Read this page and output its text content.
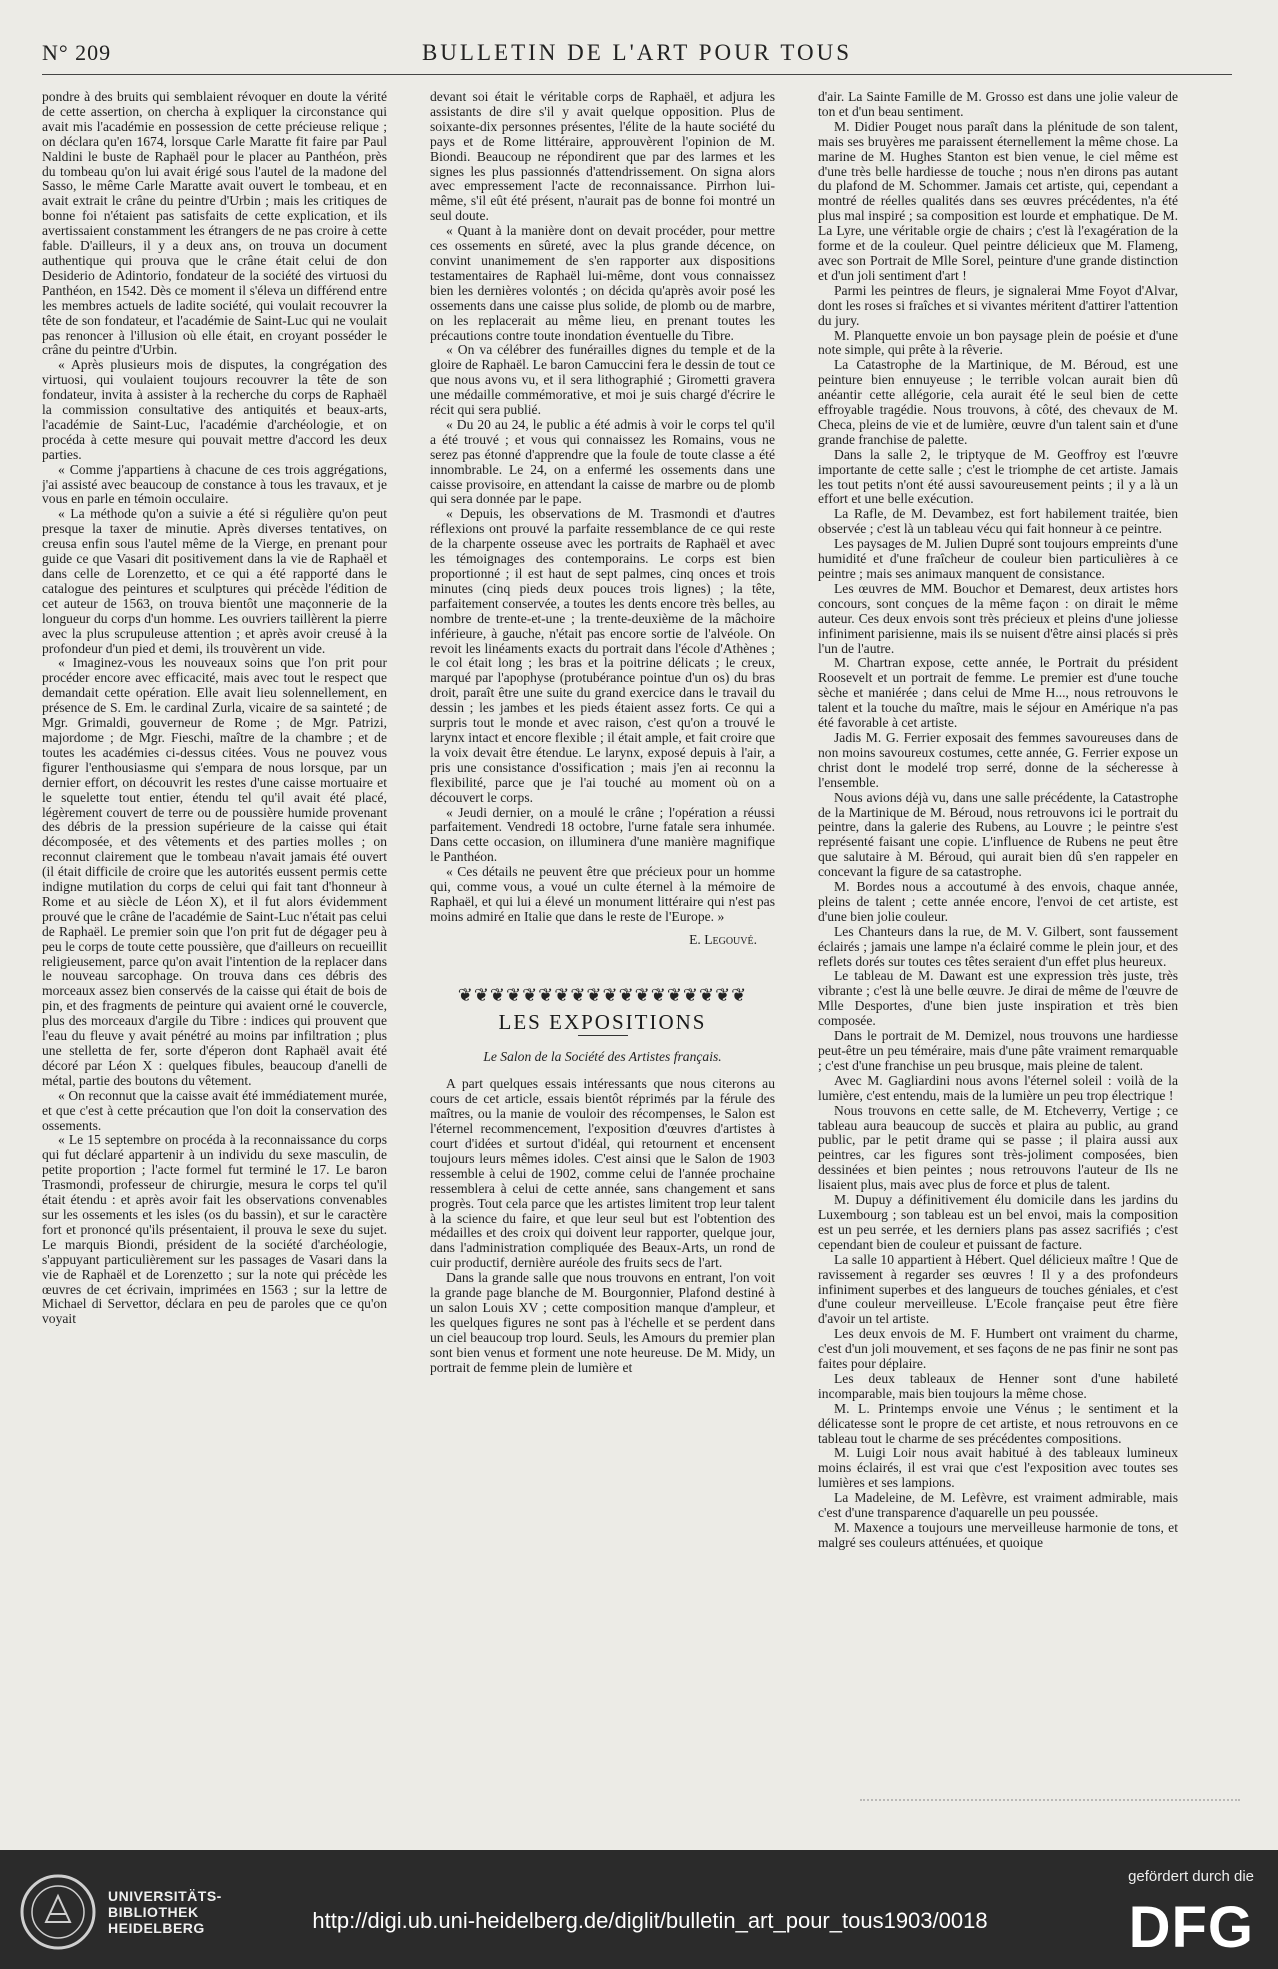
N° 209	BULLETIN DE L'ART POUR TOUS

pondre à des bruits qui semblaient révoquer en doute la vérité de cette assertion, on chercha à expliquer la circonstance qui avait mis l'académie en possession de cette précieuse relique ; on déclara qu'en 1674, lorsque Carle Maratte fit faire par Paul Naldini le buste de Raphaël pour le placer au Panthéon, près du tombeau qu'on lui avait érigé sous l'autel de la madone del Sasso, le même Carle Maratte avait ouvert le tombeau, et en avait extrait le crâne du peintre d'Urbin ; mais les critiques de bonne foi n'étaient pas satisfaits de cette explication, et ils avertissaient constamment les étrangers de ne pas croire à cette fable. D'ailleurs, il y a deux ans, on trouva un document authentique qui prouva que le crâne était celui de don Desiderio de Adintorio, fondateur de la société des virtuosi du Panthéon, en 1542. Dès ce moment il s'éleva un différend entre les membres actuels de ladite société, qui voulait recouvrer la tête de son fondateur, et l'académie de Saint-Luc qui ne voulait pas renoncer à l'illusion où elle était, en croyant posséder le crâne du peintre d'Urbin.

« Après plusieurs mois de disputes, la congrégation des virtuosi, qui voulaient toujours recouvrer la tête de son fondateur, invita à assister à la recherche du corps de Raphaël la commission consultative des antiquités et beaux-arts, l'académie de Saint-Luc, l'académie d'archéologie, et on procéda à cette mesure qui pouvait mettre d'accord les deux parties.

« Comme j'appartiens à chacune de ces trois aggrégations, j'ai assisté avec beaucoup de constance à tous les travaux, et je vous en parle en témoin occulaire.

« La méthode qu'on a suivie a été si régulière qu'on peut presque la taxer de minutie. Après diverses tentatives, on creusa enfin sous l'autel même de la Vierge, en prenant pour guide ce que Vasari dit positivement dans la vie de Raphaël et dans celle de Lorenzetto, et ce qui a été rapporté dans le catalogue des peintures et sculptures qui précède l'édition de cet auteur de 1563, on trouva bientôt une maçonnerie de la longueur du corps d'un homme. Les ouvriers taillèrent la pierre avec la plus scrupuleuse attention ; et après avoir creusé à la profondeur d'un pied et demi, ils trouvèrent un vide.

« Imaginez-vous les nouveaux soins que l'on prit pour procéder encore avec efficacité, mais avec tout le respect que demandait cette opération. Elle avait lieu solennellement, en présence de S. Em. le cardinal Zurla, vicaire de sa sainteté ; de Mgr. Grimaldi, gouverneur de Rome ; de Mgr. Patrizi, majordome ; de Mgr. Fieschi, maître de la chambre ; et de toutes les académies ci-dessus citées. Vous ne pouvez vous figurer l'enthousiasme qui s'empara de nous lorsque, par un dernier effort, on découvrit les restes d'une caisse mortuaire et le squelette tout entier, étendu tel qu'il avait été placé, légèrement couvert de terre ou de poussière humide provenant des débris de la pression supérieure de la caisse qui était décomposée, et des vêtements et des parties molles ; on reconnut clairement que le tombeau n'avait jamais été ouvert (il était difficile de croire que les autorités eussent permis cette indigne mutilation du corps de celui qui fait tant d'honneur à Rome et au siècle de Léon X), et il fut alors évidemment prouvé que le crâne de l'académie de Saint-Luc n'était pas celui de Raphaël. Le premier soin que l'on prit fut de dégager peu à peu le corps de toute cette poussière, que d'ailleurs on recueillit religieusement, parce qu'on avait l'intention de la replacer dans le nouveau sarcophage. On trouva dans ces débris des morceaux assez bien conservés de la caisse qui était de bois de pin, et des fragments de peinture qui avaient orné le couvercle, plus des morceaux d'argile du Tibre : indices qui prouvent que l'eau du fleuve y avait pénétré au moins par infiltration ; plus une stelletta de fer, sorte d'éperon dont Raphaël avait été décoré par Léon X : quelques fibules, beaucoup d'anelli de métal, partie des boutons du vêtement.

« On reconnut que la caisse avait été immédiatement murée, et que c'est à cette précaution que l'on doit la conservation des ossements.

« Le 15 septembre on procéda à la reconnaissance du corps qui fut déclaré appartenir à un individu du sexe masculin, de petite proportion ; l'acte formel fut terminé le 17. Le baron Trasmondi, professeur de chirurgie, mesura le corps tel qu'il était étendu : et après avoir fait les observations convenables sur les ossements et les isles (os du bassin), et sur le caractère fort et prononcé qu'ils présentaient, il prouva le sexe du sujet. Le marquis Biondi, président de la société d'archéologie, s'appuyant particulièrement sur les passages de Vasari dans la vie de Raphaël et de Lorenzetto ; sur la note qui précède les œuvres de cet écrivain, imprimées en 1563 ; sur la lettre de Michael di Servettor, déclara en peu de paroles que ce qu'on voyait

devant soi était le véritable corps de Raphaël, et adjura les assistants de dire s'il y avait quelque opposition. Plus de soixante-dix personnes présentes, l'élite de la haute société du pays et de Rome littéraire, approuvèrent l'opinion de M. Biondi. Beaucoup ne répondirent que par des larmes et les signes les plus passionnés d'attendrissement. On signa alors avec empressement l'acte de reconnaissance. Pirrhon lui-même, s'il eût été présent, n'aurait pas de bonne foi montré un seul doute.

« Quant à la manière dont on devait procéder, pour mettre ces ossements en sûreté, avec la plus grande décence, on convint unanimement de s'en rapporter aux dispositions testamentaires de Raphaël lui-même, dont vous connaissez bien les dernières volontés ; on décida qu'après avoir posé les ossements dans une caisse plus solide, de plomb ou de marbre, on les replacerait au même lieu, en prenant toutes les précautions contre toute inondation éventuelle du Tibre.

« On va célébrer des funérailles dignes du temple et de la gloire de Raphaël. Le baron Camuccini fera le dessin de tout ce que nous avons vu, et il sera lithographié ; Girometti gravera une médaille commémorative, et moi je suis chargé d'écrire le récit qui sera publié.

« Du 20 au 24, le public a été admis à voir le corps tel qu'il a été trouvé ; et vous qui connaissez les Romains, vous ne serez pas étonné d'apprendre que la foule de toute classe a été innombrable. Le 24, on a enfermé les ossements dans une caisse provisoire, en attendant la caisse de marbre ou de plomb qui sera donnée par le pape.

« Depuis, les observations de M. Trasmondi et d'autres réflexions ont prouvé la parfaite ressemblance de ce qui reste de la charpente osseuse avec les portraits de Raphaël et avec les témoignages des contemporains. Le corps est bien proportionné ; il est haut de sept palmes, cinq onces et trois minutes (cinq pieds deux pouces trois lignes) ; la tête, parfaitement conservée, a toutes les dents encore très belles, au nombre de trente-et-une ; la trente-deuxième de la mâchoire inférieure, à gauche, n'était pas encore sortie de l'alvéole. On revoit les linéaments exacts du portrait dans l'école d'Athènes ; le col était long ; les bras et la poitrine délicats ; le creux, marqué par l'apophyse (protubérance pointue d'un os) du bras droit, paraît être une suite du grand exercice dans le travail du dessin ; les jambes et les pieds étaient assez forts. Ce qui a surpris tout le monde et avec raison, c'est qu'on a trouvé le larynx intact et encore flexible ; il était ample, et fait croire que la voix devait être étendue. Le larynx, exposé depuis à l'air, a pris une consistance d'ossification ; mais j'en ai reconnu la flexibilité, parce que je l'ai touché au moment où on a découvert le corps.

« Jeudi dernier, on a moulé le crâne ; l'opération a réussi parfaitement. Vendredi 18 octobre, l'urne fatale sera inhumée. Dans cette occasion, on illuminera d'une manière magnifique le Panthéon.

« Ces détails ne peuvent être que précieux pour un homme qui, comme vous, a voué un culte éternel à la mémoire de Raphaël, et qui lui a élevé un monument littéraire qui n'est pas moins admiré en Italie que dans le reste de l'Europe. »

E. Legouvé.
❦❦❦❦❦❦❦❦❦❦❦❦❦❦❦❦❦❦
LES EXPOSITIONS
Le Salon de la Société des Artistes français.

A part quelques essais intéressants que nous citerons au cours de cet article, essais bientôt réprimés par la férule des maîtres, ou la manie de vouloir des récompenses, le Salon est l'éternel recommencement, l'exposition d'œuvres d'artistes à court d'idées et surtout d'idéal, qui retournent et encensent toujours leurs mêmes idoles. C'est ainsi que le Salon de 1903 ressemble à celui de 1902, comme celui de l'année prochaine ressemblera à celui de cette année, sans changement et sans progrès. Tout cela parce que les artistes limitent trop leur talent à la science du faire, et que leur seul but est l'obtention des médailles et des croix qui doivent leur rapporter, quelque jour, dans l'administration compliquée des Beaux-Arts, un rond de cuir productif, dernière auréole des fruits secs de l'art.

Dans la grande salle que nous trouvons en entrant, l'on voit la grande page blanche de M. Bourgonnier, Plafond destiné à un salon Louis XV ; cette composition manque d'ampleur, et les quelques figures ne sont pas à l'échelle et se perdent dans un ciel beaucoup trop lourd. Seuls, les Amours du premier plan sont bien venus et forment une note heureuse. De M. Midy, un portrait de femme plein de lumière et

d'air. La Sainte Famille de M. Grosso est dans une jolie valeur de ton et d'un beau sentiment.

M. Didier Pouget nous paraît dans la plénitude de son talent, mais ses bruyères me paraissent éternellement la même chose. La marine de M. Hughes Stanton est bien venue, le ciel même est d'une très belle hardiesse de touche ; nous n'en dirons pas autant du plafond de M. Schommer. Jamais cet artiste, qui, cependant a montré de réelles qualités dans ses œuvres précédentes, n'a été plus mal inspiré ; sa composition est lourde et emphatique. De M. La Lyre, une véritable orgie de chairs ; c'est là l'exagération de la forme et de la couleur. Quel peintre délicieux que M. Flameng, avec son Portrait de Mlle Sorel, peinture d'une grande distinction et d'un joli sentiment d'art !

Parmi les peintres de fleurs, je signalerai Mme Foyot d'Alvar, dont les roses si fraîches et si vivantes méritent d'attirer l'attention du jury.

M. Planquette envoie un bon paysage plein de poésie et d'une note simple, qui prête à la rêverie.

La Catastrophe de la Martinique, de M. Béroud, est une peinture bien ennuyeuse ; le terrible volcan aurait bien dû anéantir cette allégorie, cela aurait été le seul bien de cette effroyable tragédie. Nous trouvons, à côté, des chevaux de M. Checa, pleins de vie et de lumière, œuvre d'un talent sain et d'une grande franchise de palette.

Dans la salle 2, le triptyque de M. Geoffroy est l'œuvre importante de cette salle ; c'est le triomphe de cet artiste. Jamais les tout petits n'ont été aussi savoureusement peints ; il y a là un effort et une belle exécution.

La Rafle, de M. Devambez, est fort habilement traitée, bien observée ; c'est là un tableau vécu qui fait honneur à ce peintre.

Les paysages de M. Julien Dupré sont toujours empreints d'une humidité et d'une fraîcheur de couleur bien particulières à ce peintre ; mais ses animaux manquent de consistance.

Les œuvres de MM. Bouchor et Demarest, deux artistes hors concours, sont conçues de la même façon : on dirait le même auteur. Ces deux envois sont très précieux et pleins d'une joliesse infiniment parisienne, mais ils se nuisent d'être ainsi placés si près l'un de l'autre.

M. Chartran expose, cette année, le Portrait du président Roosevelt et un portrait de femme. Le premier est d'une touche sèche et maniérée ; dans celui de Mme H..., nous retrouvons le talent et la touche du maître, mais le séjour en Amérique n'a pas été favorable à cet artiste.

Jadis M. G. Ferrier exposait des femmes savoureuses dans de non moins savoureux costumes, cette année, G. Ferrier expose un christ dont le modelé trop serré, donne de la sécheresse à l'ensemble.

Nous avions déjà vu, dans une salle précédente, la Catastrophe de la Martinique de M. Béroud, nous retrouvons ici le portrait du peintre, dans la galerie des Rubens, au Louvre ; le peintre s'est représenté faisant une copie. L'influence de Rubens ne peut être que salutaire à M. Béroud, qui aurait bien dû s'en rappeler en concevant la figure de sa catastrophe.

M. Bordes nous a accoutumé à des envois, chaque année, pleins de talent ; cette année encore, l'envoi de cet artiste, est d'une bien jolie couleur.

Les Chanteurs dans la rue, de M. V. Gilbert, sont faussement éclairés ; jamais une lampe n'a éclairé comme le plein jour, et des reflets dorés sur toutes ces têtes seraient d'un effet plus heureux.

Le tableau de M. Dawant est une expression très juste, très vibrante ; c'est là une belle œuvre. Je dirai de même de l'œuvre de Mlle Desportes, d'une bien juste inspiration et très bien composée.

Dans le portrait de M. Demizel, nous trouvons une hardiesse peut-être un peu téméraire, mais d'une pâte vraiment remarquable ; c'est d'une franchise un peu brusque, mais pleine de talent.

Avec M. Gagliardini nous avons l'éternel soleil : voilà de la lumière, c'est entendu, mais de la lumière un peu trop électrique !

Nous trouvons en cette salle, de M. Etcheverry, Vertige ; ce tableau aura beaucoup de succès et plaira au public, au grand public, par le petit drame qui se passe ; il plaira aussi aux peintres, car les figures sont très-joliment composées, bien dessinées et bien peintes ; nous retrouvons l'auteur de Ils ne lisaient plus, mais avec plus de force et plus de talent.

M. Dupuy a définitivement élu domicile dans les jardins du Luxembourg ; son tableau est un bel envoi, mais la composition est un peu serrée, et les derniers plans pas assez sacrifiés ; c'est cependant bien de couleur et puissant de facture.

La salle 10 appartient à Hébert. Quel délicieux maître ! Que de ravissement à regarder ses œuvres ! Il y a des profondeurs infiniment superbes et des langueurs de touches géniales, et c'est d'une couleur merveilleuse. L'Ecole française peut être fière d'avoir un tel artiste.

Les deux envois de M. F. Humbert ont vraiment du charme, c'est d'un joli mouvement, et ses façons de ne pas finir ne sont pas faites pour déplaire.

Les deux tableaux de Henner sont d'une habileté incomparable, mais bien toujours la même chose.

M. L. Printemps envoie une Vénus ; le sentiment et la délicatesse sont le propre de cet artiste, et nous retrouvons en ce tableau tout le charme de ses précédentes compositions.

M. Luigi Loir nous avait habitué à des tableaux lumineux moins éclairés, il est vrai que c'est l'exposition avec toutes ses lumières et ses lampions.

La Madeleine, de M. Lefèvre, est vraiment admirable, mais c'est d'une transparence d'aquarelle un peu poussée.

M. Maxence a toujours une merveilleuse harmonie de tons, et malgré ses couleurs atténuées, et quoique

UNIVERSITÄTS-
BIBLIOTHEK
HEIDELBERG	http://digi.ub.uni-heidelberg.de/diglit/bulletin_art_pour_tous1903/0018
gefördert durch die
DFG
